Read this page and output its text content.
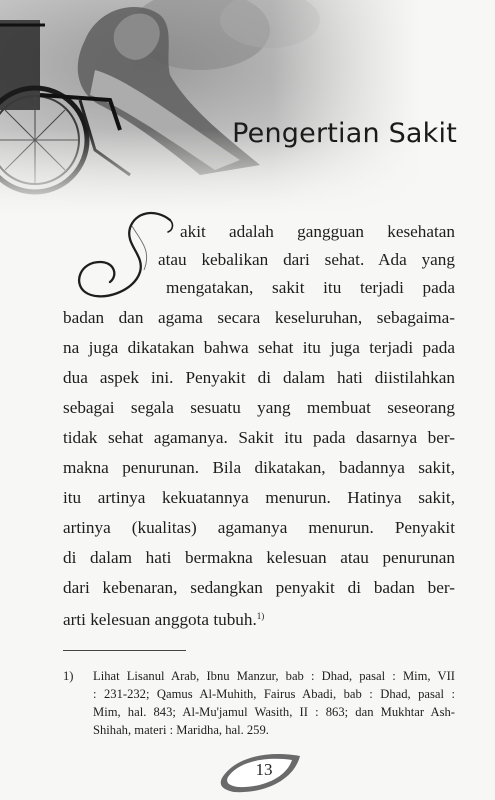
Pengertian Sakit
akit adalah gangguan kesehatan
atau kebalikan dari sehat. Ada yang
mengatakan, sakit itu terjadi pada
badan dan agama secara keseluruhan, sebagaima-
na juga dikatakan bahwa sehat itu juga terjadi pada
dua aspek ini. Penyakit di dalam hati diistilahkan
sebagai segala sesuatu yang membuat seseorang
tidak sehat agamanya. Sakit itu pada dasarnya ber-
makna penurunan. Bila dikatakan, badannya sakit,
itu artinya kekuatannya menurun. Hatinya sakit,
artinya (kualitas) agamanya menurun. Penyakit
di dalam hati bermakna kelesuan atau penurunan
dari kebenaran, sedangkan penyakit di badan ber-
arti kelesuan anggota tubuh.$^{1)}$
1) Lihat Lisanul Arab, Ibnu Manzur, bab : Dhad, pasal : Mim, VII
: 231-232; Qamus Al-Muhith, Fairus Abadi, bab : Dhad, pasal :
Mim, hal. 843; Al-Mu'jamul Wasith, II : 863; dan Mukhtar Ash-
Shihah, materi : Maridha, hal. 259.
13
